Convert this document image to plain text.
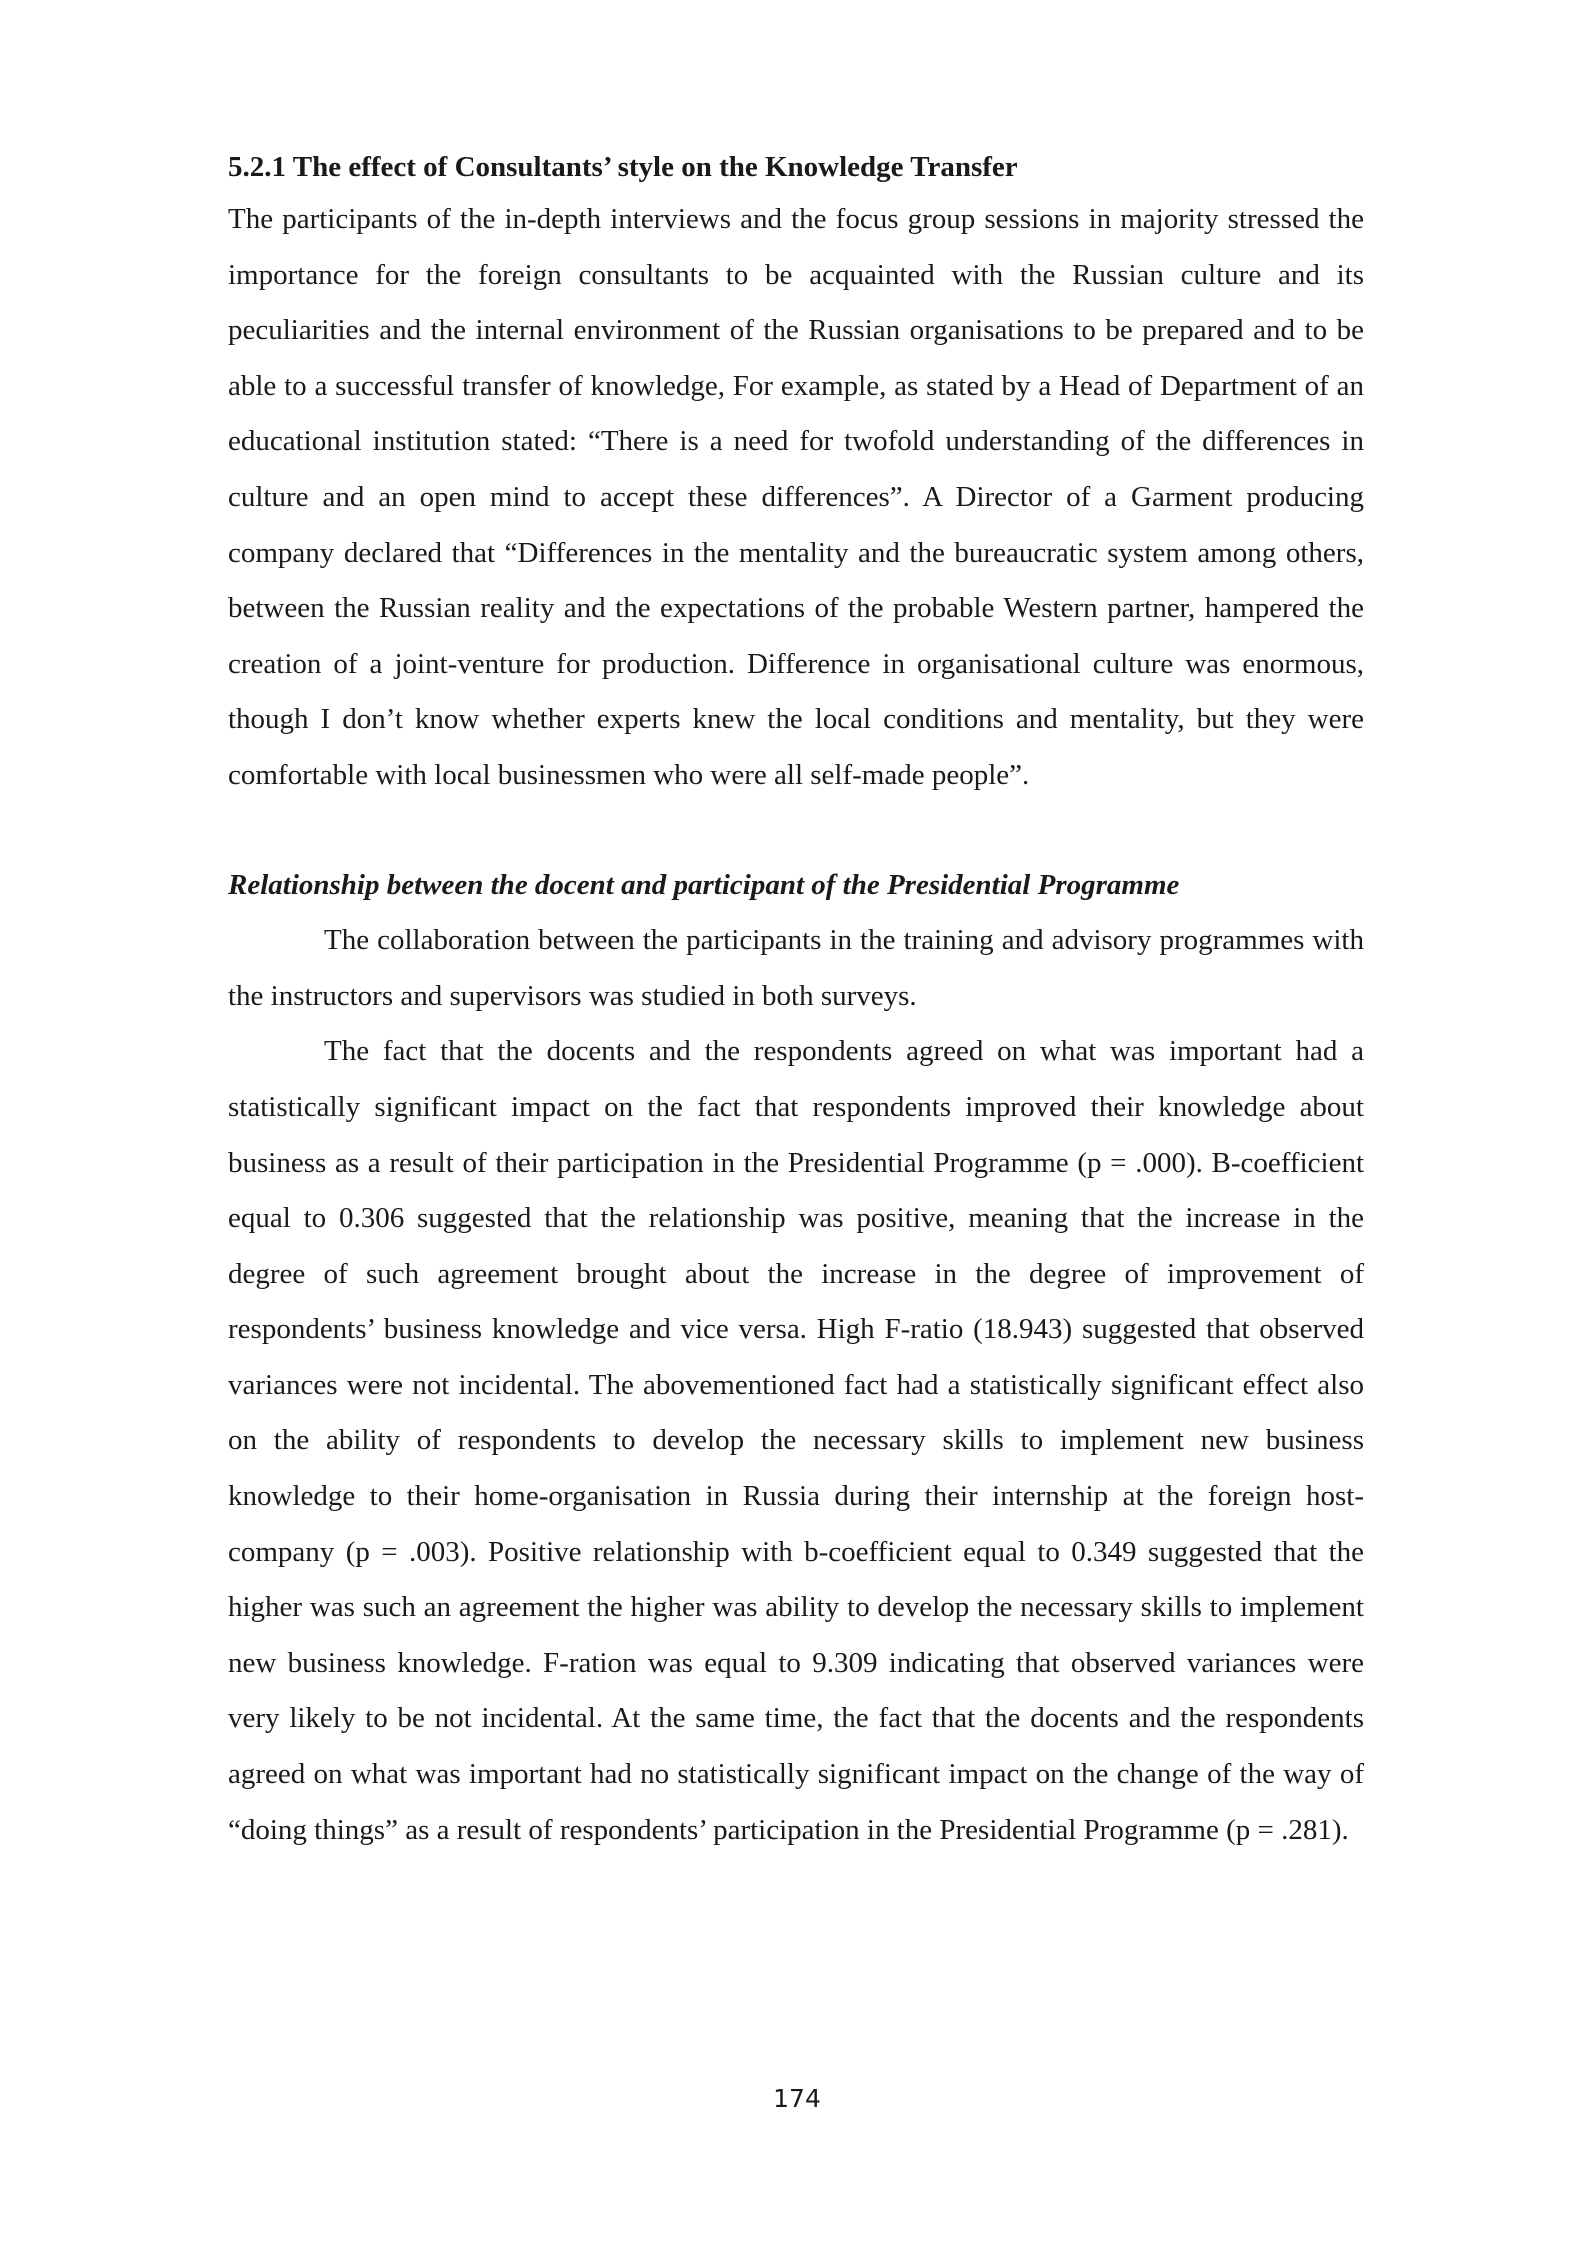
5.2.1 The effect of Consultants’ style on the Knowledge Transfer

The participants of the in-depth interviews and the focus group sessions in majority stressed the importance for the foreign consultants to be acquainted with the Russian culture and its peculiarities and the internal environment of the Russian organisations to be prepared and to be able to a successful transfer of knowledge, For example, as stated by a Head of Department of an educational institution stated: “There is a need for twofold understanding of the differences in culture and an open mind to accept these differences”. A Director of a Garment producing company declared that “Differences in the mentality and the bureaucratic system among others, between the Russian reality and the expectations of the probable Western partner, hampered the creation of a joint-venture for production. Difference in organisational culture was enormous, though I don’t know whether experts knew the local conditions and mentality, but they were comfortable with local businessmen who were all self-made people”.

Relationship between the docent and participant of the Presidential Programme

The collaboration between the participants in the training and advisory programmes with the instructors and supervisors was studied in both surveys.

The fact that the docents and the respondents agreed on what was important had a statistically significant impact on the fact that respondents improved their knowledge about business as a result of their participation in the Presidential Programme (p = .000). B-coefficient equal to 0.306 suggested that the relationship was positive, meaning that the increase in the degree of such agreement brought about the increase in the degree of improvement of respondents’ business knowledge and vice versa. High F-ratio (18.943) suggested that observed variances were not incidental. The abovementioned fact had a statistically significant effect also on the ability of respondents to develop the necessary skills to implement new business knowledge to their home-organisation in Russia during their internship at the foreign host-company (p = .003). Positive relationship with b-coefficient equal to 0.349 suggested that the higher was such an agreement the higher was ability to develop the necessary skills to implement new business knowledge. F-ration was equal to 9.309 indicating that observed variances were very likely to be not incidental. At the same time, the fact that the docents and the respondents agreed on what was important had no statistically significant impact on the change of the way of “doing things” as a result of respondents’ participation in the Presidential Programme (p = .281).

174
